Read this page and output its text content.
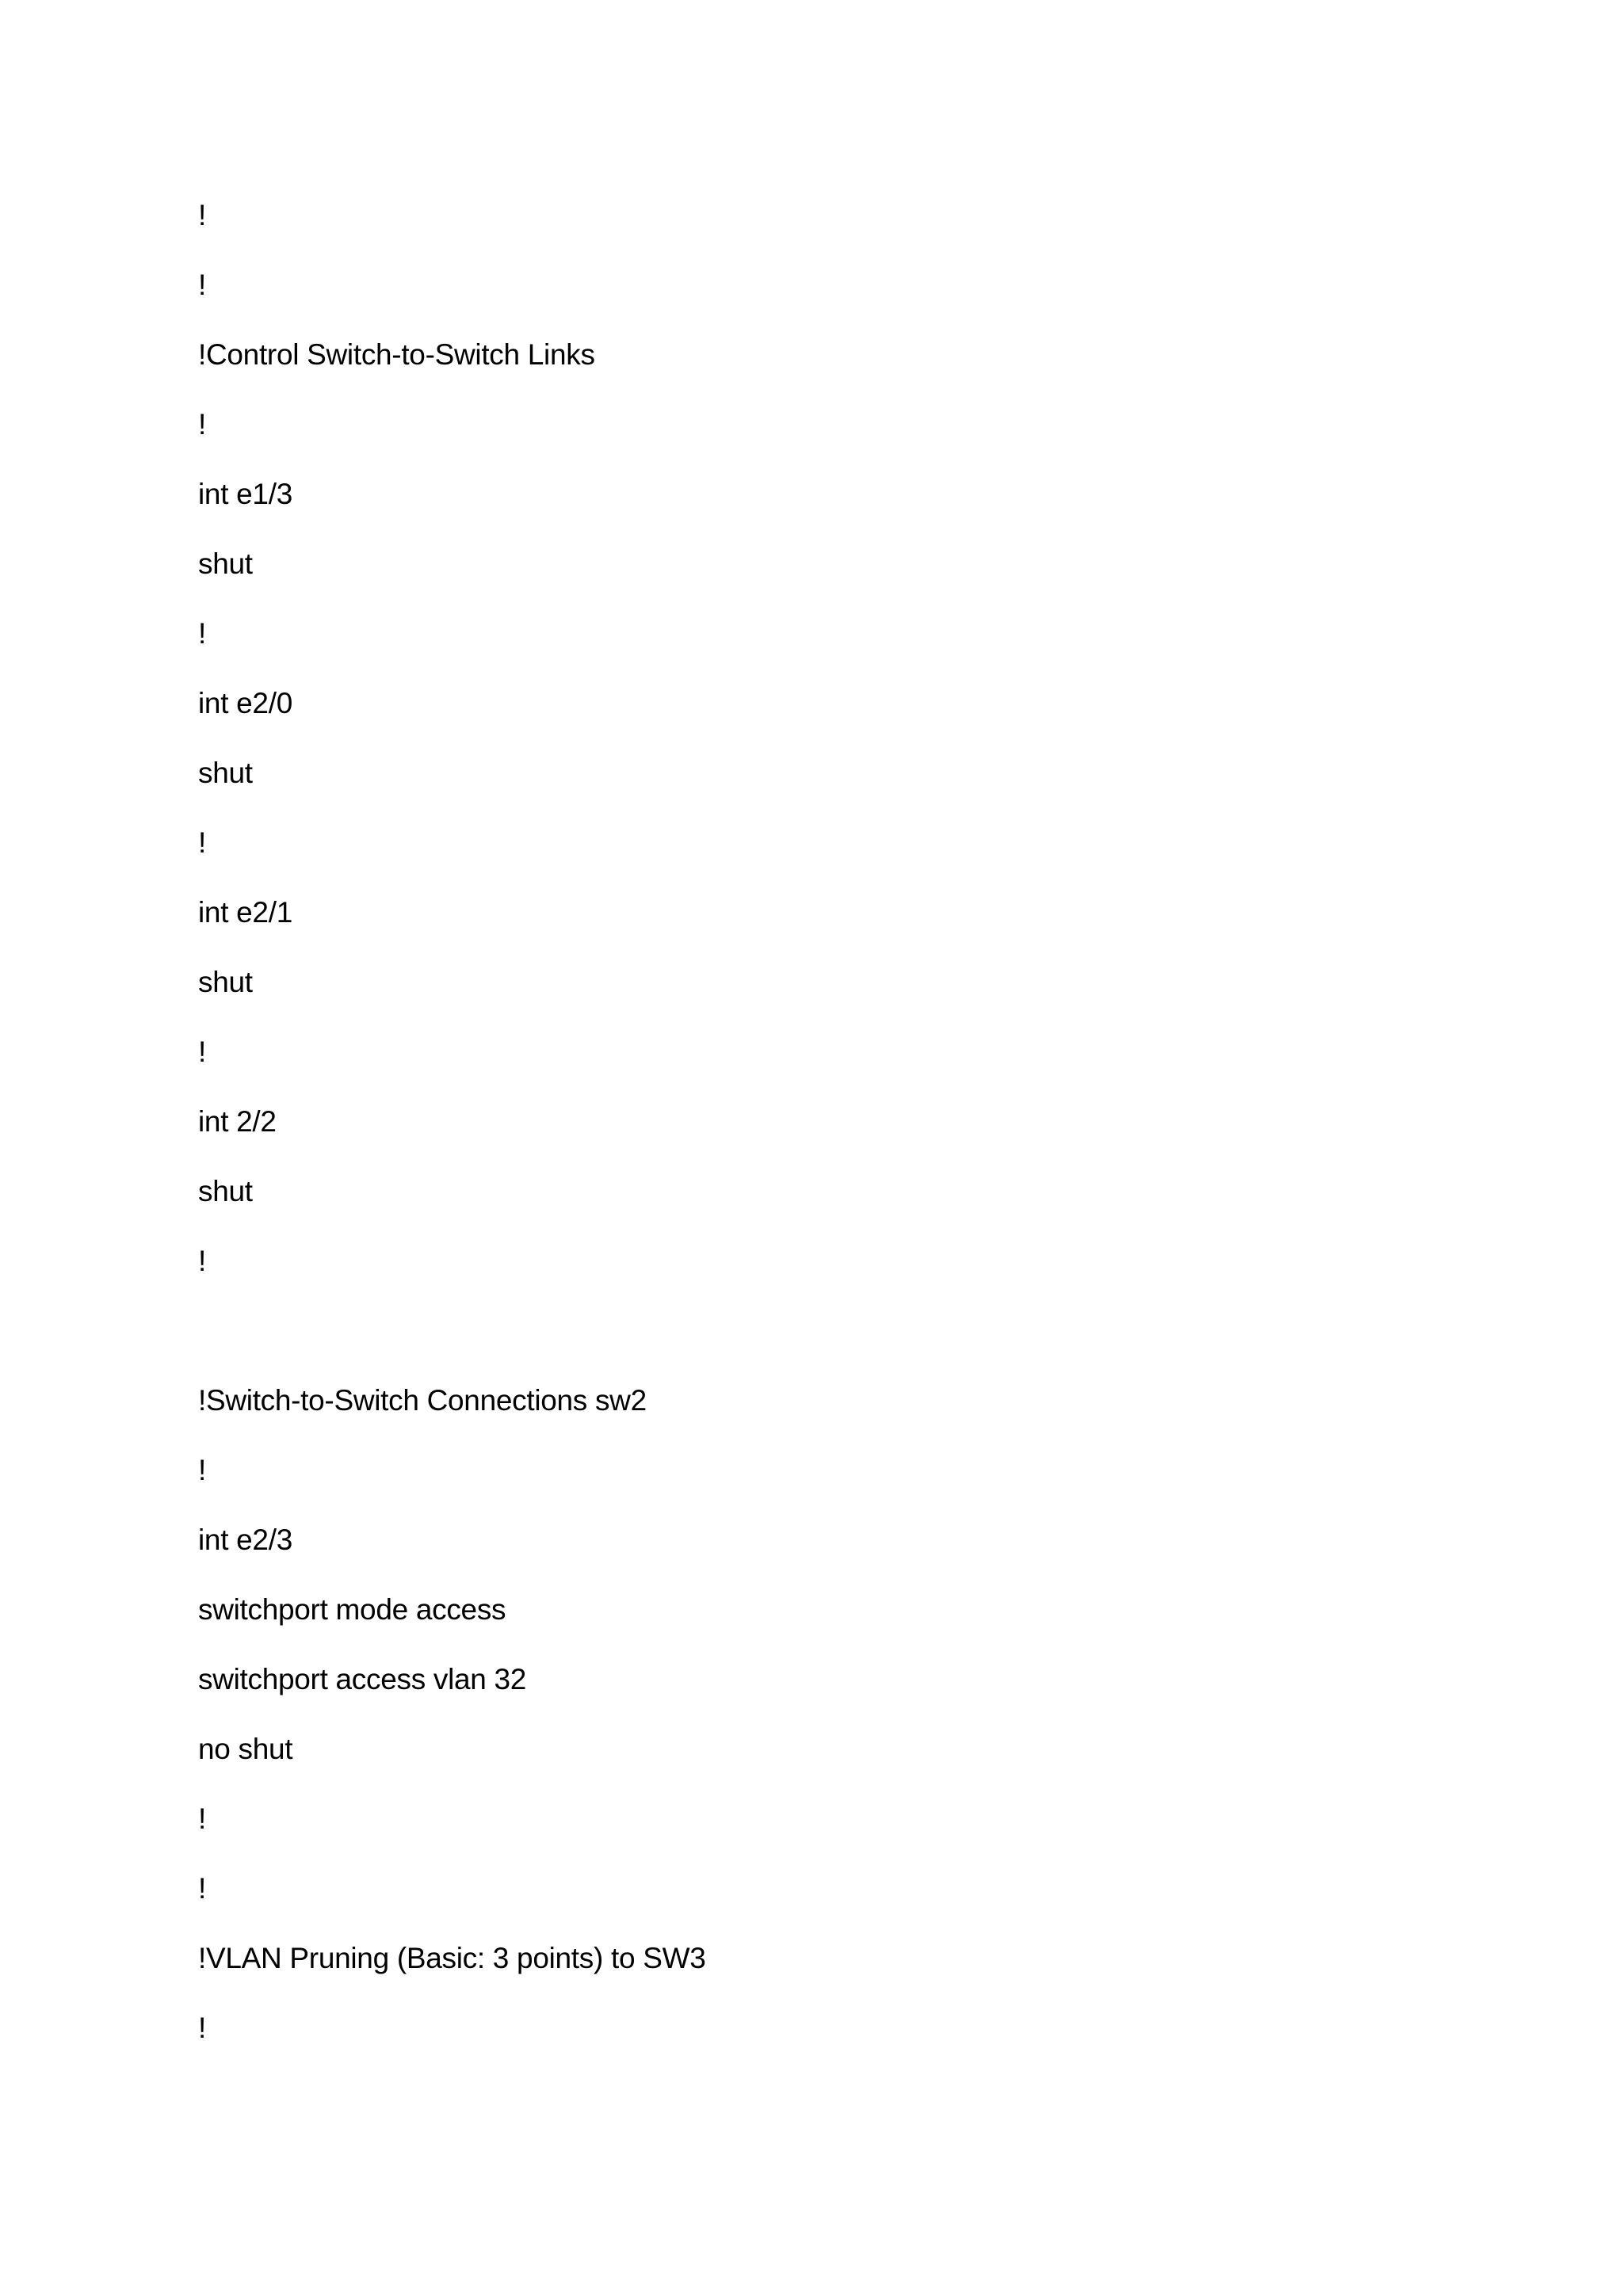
!
!
!Control Switch-to-Switch Links
!
int e1/3
shut
!
int e2/0
shut
!
int e2/1
shut
!
int 2/2
shut
!
!Switch-to-Switch Connections sw2
!
int e2/3
switchport mode access
switchport access vlan 32
no shut
!
!
!VLAN Pruning (Basic: 3 points) to SW3
!
